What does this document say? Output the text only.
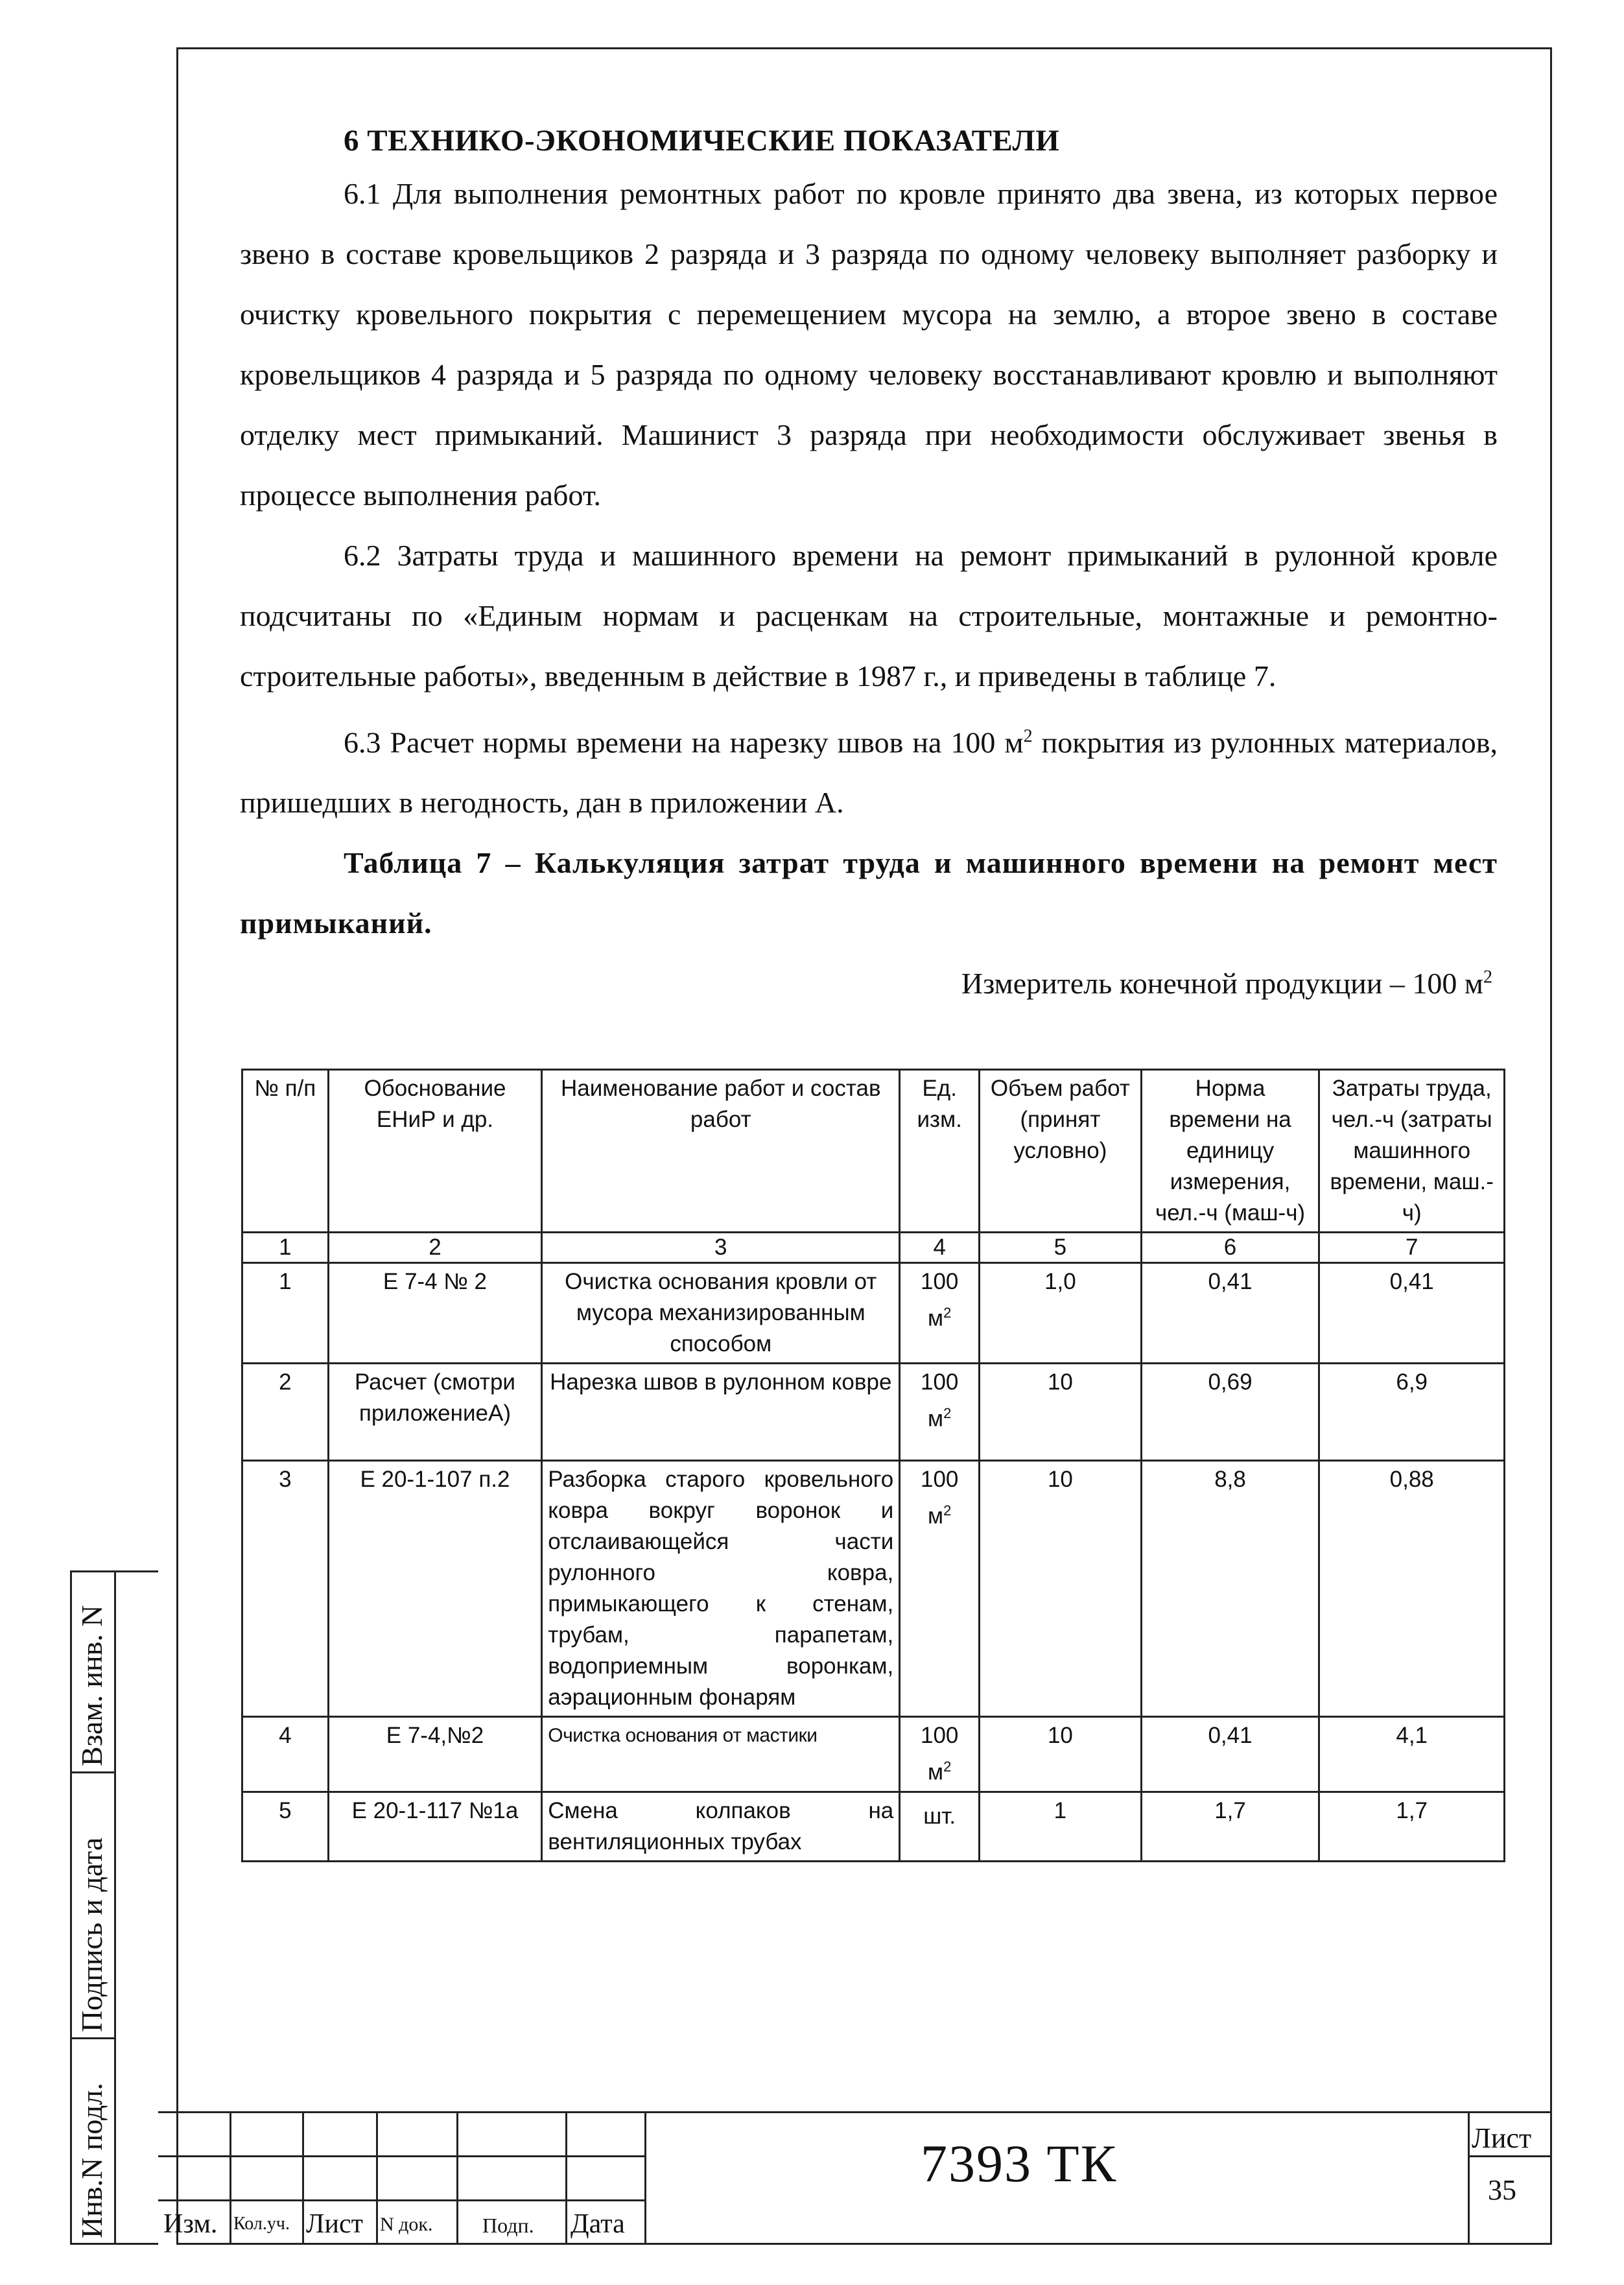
Взам. инв. N
Подпись и дата
Инв.N подл.
6 ТЕХНИКО-ЭКОНОМИЧЕСКИЕ ПОКАЗАТЕЛИ

6.1 Для выполнения ремонтных работ по кровле принято два звена, из которых первое звено в составе кровельщиков 2 разряда и 3 разряда по одному человеку выполняет разборку и очистку кровельного покрытия с перемещением мусора на землю, а второе звено в составе кровельщиков 4 разряда и 5 разряда по одному человеку восстанавливают кровлю и выполняют отделку мест примыканий. Машинист 3 разряда при необходимости обслуживает звенья в процессе выполнения работ.

6.2 Затраты труда и машинного времени на ремонт примыканий в рулонной кровле подсчитаны по «Единым нормам и расценкам на строительные, монтажные и ремонтно-строительные работы», введенным в действие в 1987 г., и приведены в таблице 7.

6.3 Расчет нормы времени на нарезку швов на 100 $м^2$ покрытия из рулонных материалов, пришедших в негодность, дан в приложении А.

Таблица 7 – Калькуляция затрат труда и машинного времени на ремонт мест примыканий.

Измеритель конечной продукции – 100 $м^2$
№ п/п	Обоснование ЕНиР и др.	Наименование работ и состав работ	Ед. изм.	Объем работ (принят условно)	Норма времени на единицу измерения, чел.-ч (маш-ч)	Затраты труда, чел.-ч (затраты машинного времени, маш.-ч)
1	2	3	4	5	6	7
1	Е 7-4 № 2	Очистка основания кровли от мусора механизированным способом	100 $м^2$	1,0	0,41	0,41
2	Расчет (смотри приложениеА)	Нарезка швов в рулонном ковре	100 $м^2$	10	0,69	6,9
3	Е 20-1-107 п.2	Разборка старого кровельного ковра вокруг воронок и отслаивающейся части рулонного ковра, примыкающего к стенам, трубам, парапетам, водоприемным воронкам, аэрационным фонарям	100 $м^2$	10	8,8	0,88
4	Е 7-4,№2	Очистка основания от мастики	100 $м^2$	10	0,41	4,1
5	Е 20-1-117 №1а	Смена колпаков на вентиляционных трубах	шт.	1	1,7	1,7
Изм. Кол.уч. Лист N док. Подп. Дата
7393 ТК	Лист
35
